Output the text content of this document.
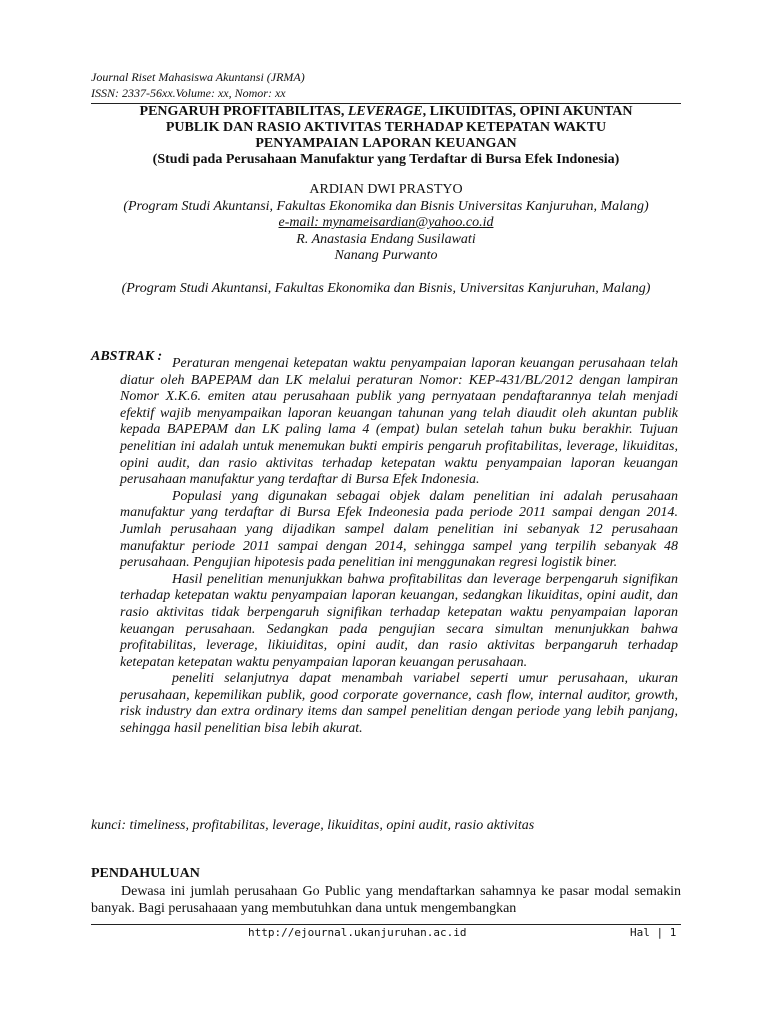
Journal Riset Mahasiswa Akuntansi (JRMA)
ISSN: 2337-56xx.Volume: xx, Nomor: xx
PENGARUH PROFITABILITAS, LEVERAGE, LIKUIDITAS, OPINI AKUNTAN
PUBLIK DAN RASIO AKTIVITAS TERHADAP KETEPATAN WAKTU
PENYAMPAIAN LAPORAN KEUANGAN
(Studi pada Perusahaan Manufaktur yang Terdaftar di Bursa Efek Indonesia)
ARDIAN DWI PRASTYO
(Program Studi Akuntansi, Fakultas Ekonomika dan Bisnis Universitas Kanjuruhan, Malang)
e-mail: mynameisardian@yahoo.co.id
R. Anastasia Endang Susilawati
Nanang Purwanto
(Program Studi Akuntansi, Fakultas Ekonomika dan Bisnis, Universitas Kanjuruhan, Malang)
ABSTRAK : Peraturan mengenai ketepatan waktu penyampaian laporan keuangan perusahaan telah diatur oleh BAPEPAM dan LK melalui peraturan Nomor: KEP-431/BL/2012 dengan lampiran Nomor X.K.6. emiten atau perusahaan publik yang pernyataan pendaftarannya telah menjadi efektif wajib menyampaikan laporan keuangan tahunan yang telah diaudit oleh akuntan publik kepada BAPEPAM dan LK paling lama 4 (empat) bulan setelah tahun buku berakhir. Tujuan penelitian ini adalah untuk menemukan bukti empiris pengaruh profitabilitas, leverage, likuiditas, opini audit, dan rasio aktivitas terhadap ketepatan waktu penyampaian laporan keuangan perusahaan manufaktur yang terdaftar di Bursa Efek Indonesia.

Populasi yang digunakan sebagai objek dalam penelitian ini adalah perusahaan manufaktur yang terdaftar di Bursa Efek Indeonesia pada periode 2011 sampai dengan 2014. Jumlah perusahaan yang dijadikan sampel dalam penelitian ini sebanyak 12 perusahaan manufaktur periode 2011 sampai dengan 2014, sehingga sampel yang terpilih sebanyak 48 perusahaan. Pengujian hipotesis pada penelitian ini menggunakan regresi logistik biner.

Hasil penelitian menunjukkan bahwa profitabilitas dan leverage berpengaruh signifikan terhadap ketepatan waktu penyampaian laporan keuangan, sedangkan likuiditas, opini audit, dan rasio aktivitas tidak berpengaruh signifikan terhadap ketepatan waktu penyampaian laporan keuangan perusahaan. Sedangkan pada pengujian secara simultan menunjukkan bahwa profitabilitas, leverage, likiuiditas, opini audit, dan rasio aktivitas berpangaruh terhadap ketepatan ketepatan waktu penyampaian laporan keuangan perusahaan.

peneliti selanjutnya dapat menambah variabel seperti umur perusahaan, ukuran perusahaan, kepemilikan publik, good corporate governance, cash flow, internal auditor, growth, risk industry dan extra ordinary items dan sampel penelitian dengan periode yang lebih panjang, sehingga hasil penelitian bisa lebih akurat.

kunci: timeliness, profitabilitas, leverage, likuiditas, opini audit, rasio aktivitas
PENDAHULUAN

Dewasa ini jumlah perusahaan Go Public yang mendaftarkan sahamnya ke pasar modal semakin banyak. Bagi perusahaaan yang membutuhkan dana untuk mengembangkan

http://ejournal.ukanjuruhan.ac.id	Hal | 1
